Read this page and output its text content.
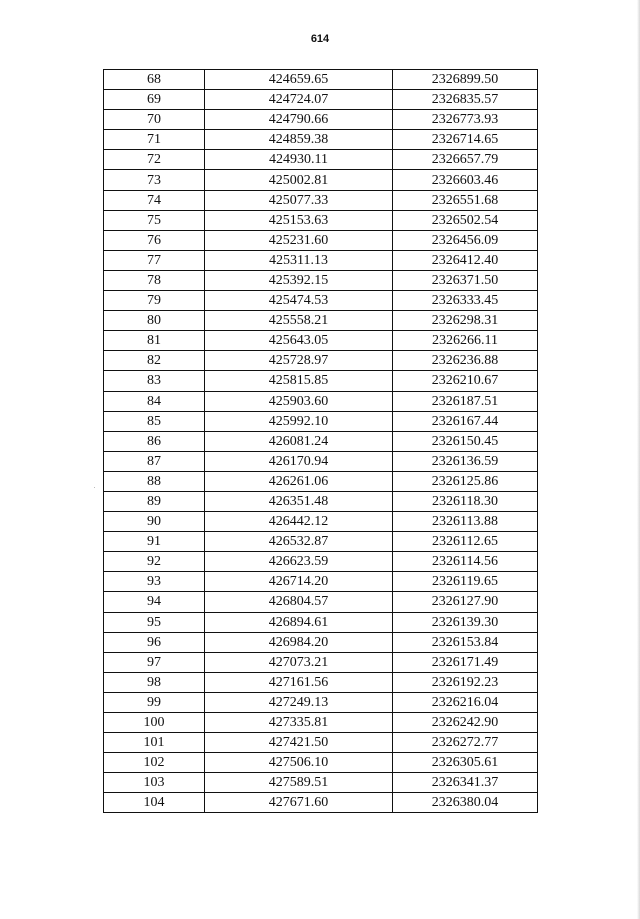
614
68	424659.65	2326899.50
69	424724.07	2326835.57
70	424790.66	2326773.93
71	424859.38	2326714.65
72	424930.11	2326657.79
73	425002.81	2326603.46
74	425077.33	2326551.68
75	425153.63	2326502.54
76	425231.60	2326456.09
77	425311.13	2326412.40
78	425392.15	2326371.50
79	425474.53	2326333.45
80	425558.21	2326298.31
81	425643.05	2326266.11
82	425728.97	2326236.88
83	425815.85	2326210.67
84	425903.60	2326187.51
85	425992.10	2326167.44
86	426081.24	2326150.45
87	426170.94	2326136.59
88	426261.06	2326125.86
89	426351.48	2326118.30
90	426442.12	2326113.88
91	426532.87	2326112.65
92	426623.59	2326114.56
93	426714.20	2326119.65
94	426804.57	2326127.90
95	426894.61	2326139.30
96	426984.20	2326153.84
97	427073.21	2326171.49
98	427161.56	2326192.23
99	427249.13	2326216.04
100	427335.81	2326242.90
101	427421.50	2326272.77
102	427506.10	2326305.61
103	427589.51	2326341.37
104	427671.60	2326380.04
